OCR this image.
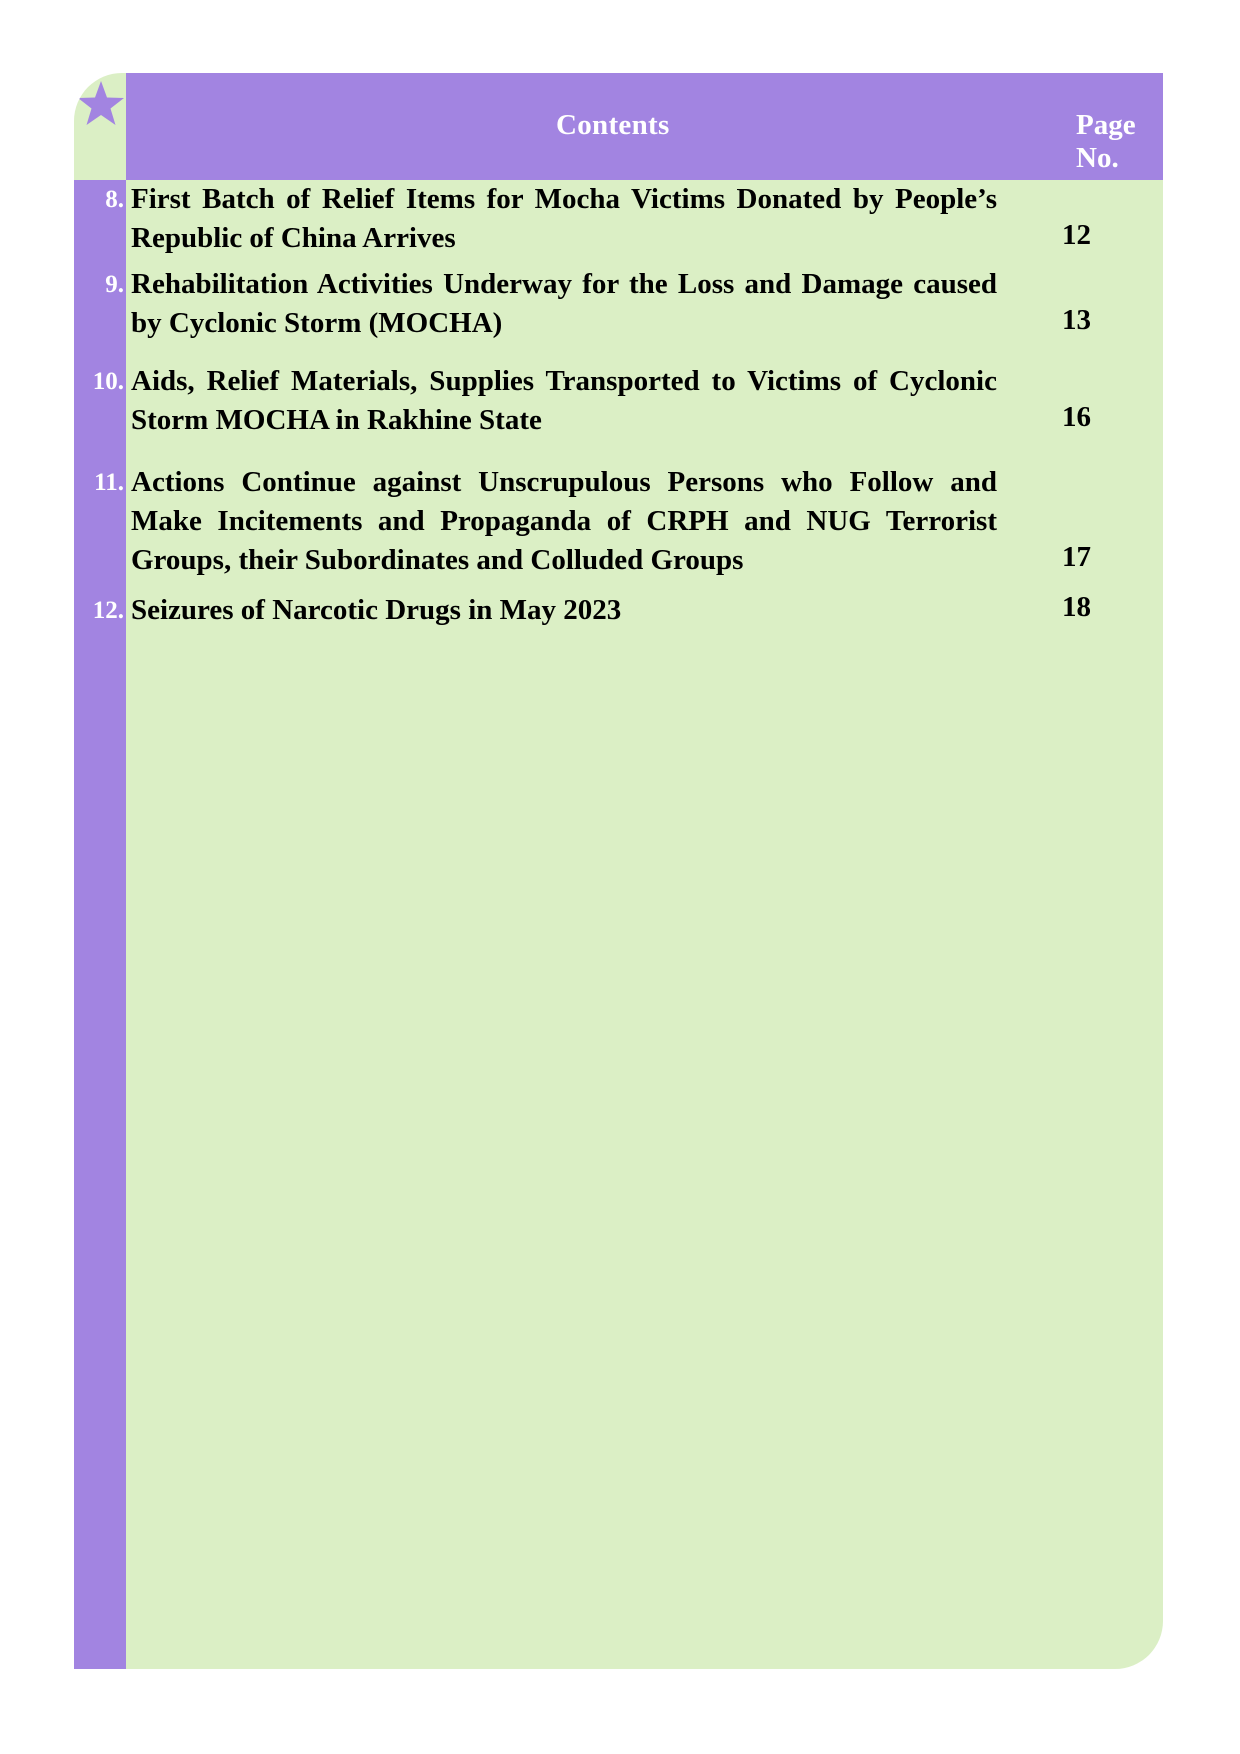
Contents	Page No.
8. First Batch of Relief Items for Mocha Victims Donated by People’s Republic of China Arrives	12
9. Rehabilitation Activities Underway for the Loss and Damage caused by Cyclonic Storm (MOCHA)	13
10. Aids, Relief Materials, Supplies Transported to Victims of Cyclonic Storm MOCHA in Rakhine State	16
11. Actions Continue against Unscrupulous Persons who Follow and Make Incitements and Propaganda of CRPH and NUG Terrorist Groups, their Subordinates and Colluded Groups	17
12. Seizures of Narcotic Drugs in May 2023	18
